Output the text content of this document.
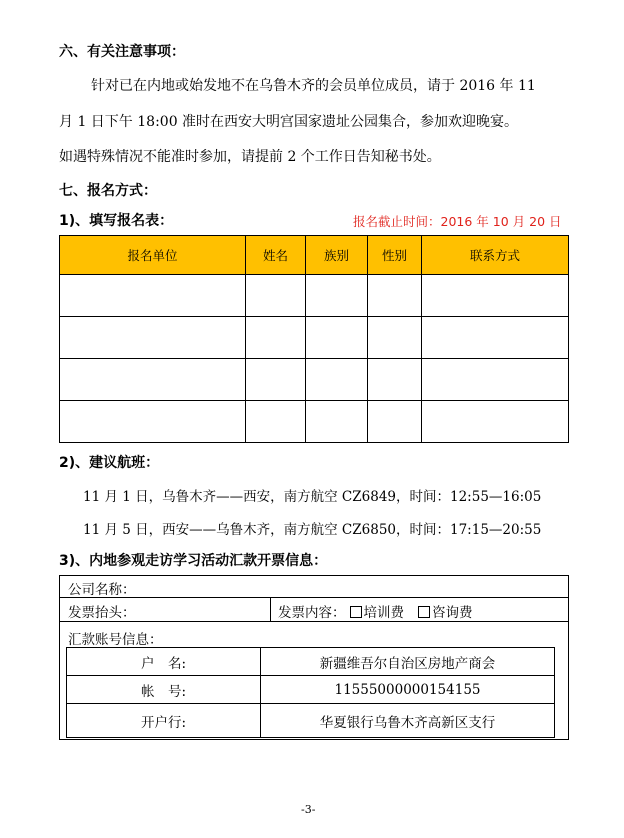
六、有关注意事项：
针对已在内地或始发地不在乌鲁木齐的会员单位成员，请于 2016 年 11
月 1 日下午 18:00 准时在西安大明宫国家遗址公园集合，参加欢迎晚宴。
如遇特殊情况不能准时参加，请提前 2 个工作日告知秘书处。
七、报名方式：
1)、填写报名表：	报名截止时间：2016 年 10 月 20 日
报名单位	姓名	族别	性别	联系方式

2)、建议航班：
11 月 1 日，乌鲁木齐——西安，南方航空 CZ6849，时间：12:55—16:05
11 月 5 日，西安——乌鲁木齐，南方航空 CZ6850，时间：17:15—20:55
3)、内地参观走访学习活动汇款开票信息：
公司名称：
发票抬头：	发票内容： 培训费 咨询费
汇款账号信息：
户　名:	新疆维吾尔自治区房地产商会
帐　号:	11555000000154155
开户行:	华夏银行乌鲁木齐高新区支行
-3-
